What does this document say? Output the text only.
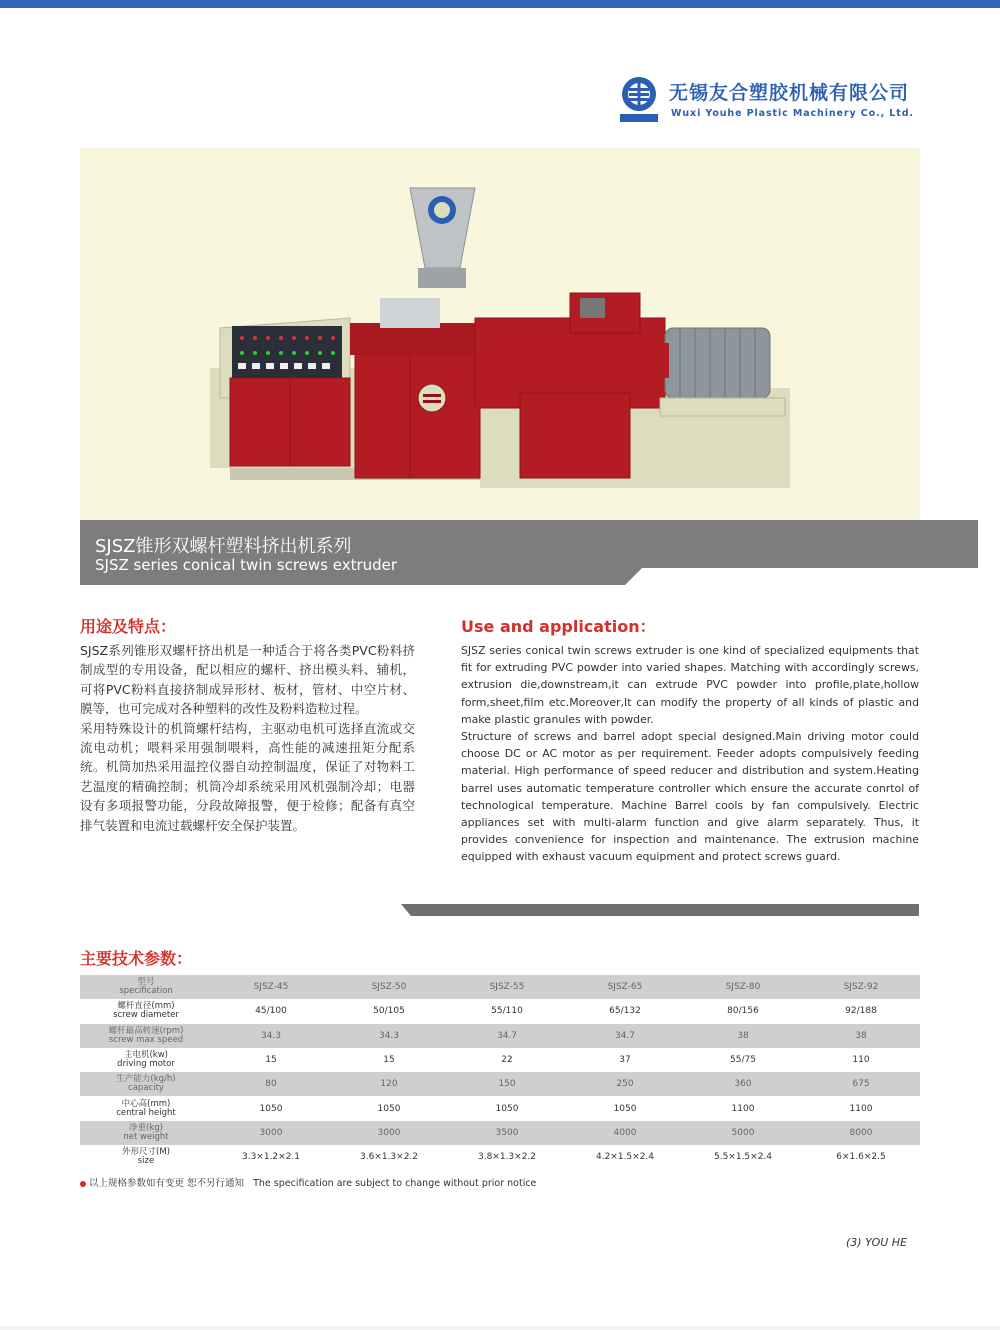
无锡友合塑胶机械有限公司
Wuxi Youhe Plastic Machinery Co., Ltd.
SJSZ锥形双螺杆塑料挤出机系列
SJSZ series conical twin screws extruder
用途及特点：

SJSZ系列锥形双螺杆挤出机是一种适合于将各类PVC粉料挤制成型的专用设备，配以相应的螺杆、挤出模头料、辅机，可将PVC粉料直接挤制成异形材、板材，管材、中空片材、膜等，也可完成对各种塑料的改性及粉料造粒过程。

采用特殊设计的机筒螺杆结构，主驱动电机可选择直流或交流电动机；喂料采用强制喂料，高性能的减速扭矩分配系统。机筒加热采用温控仪器自动控制温度，保证了对物料工艺温度的精确控制；机筒冷却系统采用风机强制冷却；电器设有多项报警功能，分段故障报警，便于检修；配备有真空排气装置和电流过载螺杆安全保护装置。

Use and application：

SJSZ series conical twin screws extruder is one kind of specialized equipments that fit for extruding PVC powder into varied shapes. Matching with accordingly screws, extrusion die,downstream,it can extrude PVC powder into profile,plate,hollow form,sheet,film etc.Moreover,It can modify the property of all kinds of plastic and make plastic granules with powder.

Structure of screws and barrel adopt special designed.Main driving motor could choose DC or AC motor as per requirement. Feeder adopts compulsively feeding material. High performance of speed reducer and distribution and system.Heating barrel uses automatic temperature controller which ensure the accurate conrtol of technological temperature. Machine Barrel cools by fan compulsively. Electric appliances set with multi-alarm function and give alarm separately. Thus, it provides convenience for inspection and maintenance. The extrusion machine equipped with exhaust vacuum equipment and protect screws guard.

主要技术参数：
型号
specification	SJSZ-45	SJSZ-50	SJSZ-55	SJSZ-65	SJSZ-80	SJSZ-92

螺杆直径(mm)
screw diameter	45/100	50/105	55/110	65/132	80/156	92/188

螺杆最高转速(rpm)
screw max speed	34.3	34.3	34.7	34.7	38	38

主电机(kw)
driving motor	15	15	22	37	55/75	110

生产能力(kg/h)
capacity	80	120	150	250	360	675

中心高(mm)
central height	1050	1050	1050	1050	1100	1100

净重(kg)
net weight	3000	3000	3500	4000	5000	8000

外形尺寸(M)
size	3.3×1.2×2.1	3.6×1.3×2.2	3.8×1.3×2.2	4.2×1.5×2.4	5.5×1.5×2.4	6×1.6×2.5
以上规格参数如有变更 恕不另行通知 The specification are subject to change without prior notice
(3) YOU HE
